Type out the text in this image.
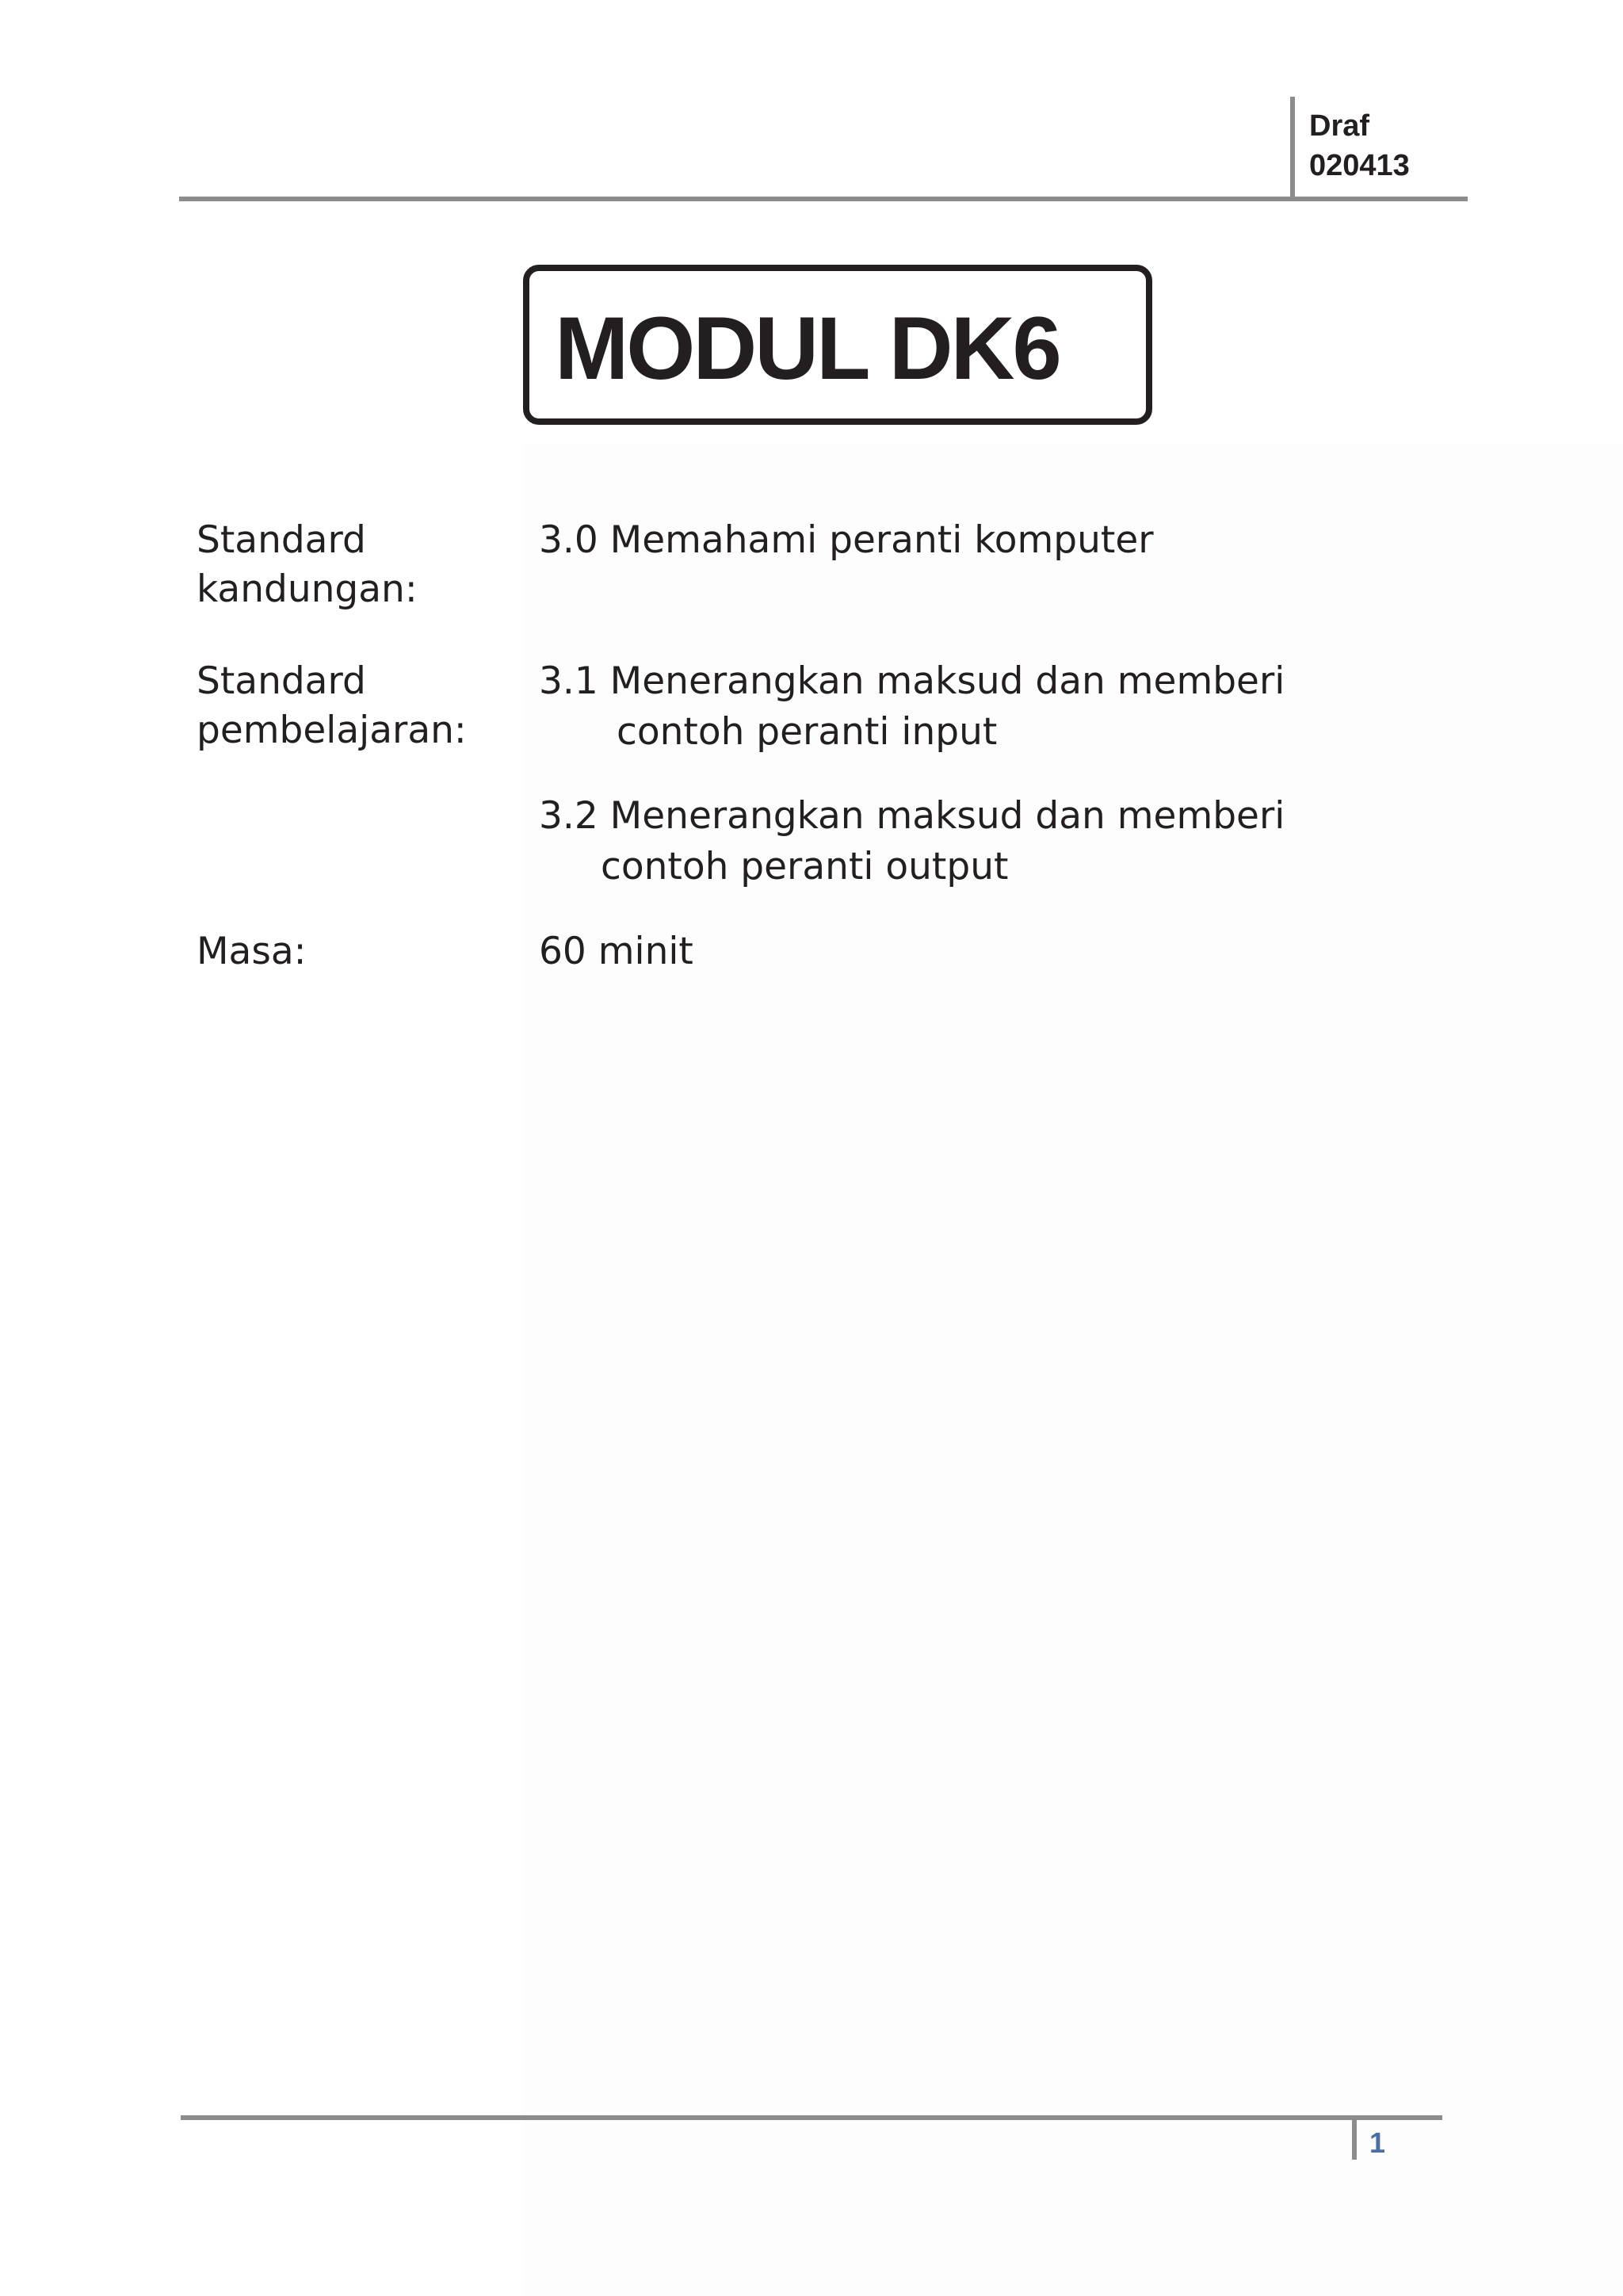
Draf
020413
MODUL DK6
Standard
kandungan:
3.0 Memahami peranti komputer
Standard
pembelajaran:
3.1 Menerangkan maksud dan memberi
contoh peranti input
3.2 Menerangkan maksud dan memberi
contoh peranti output
Masa:	60 minit
1
